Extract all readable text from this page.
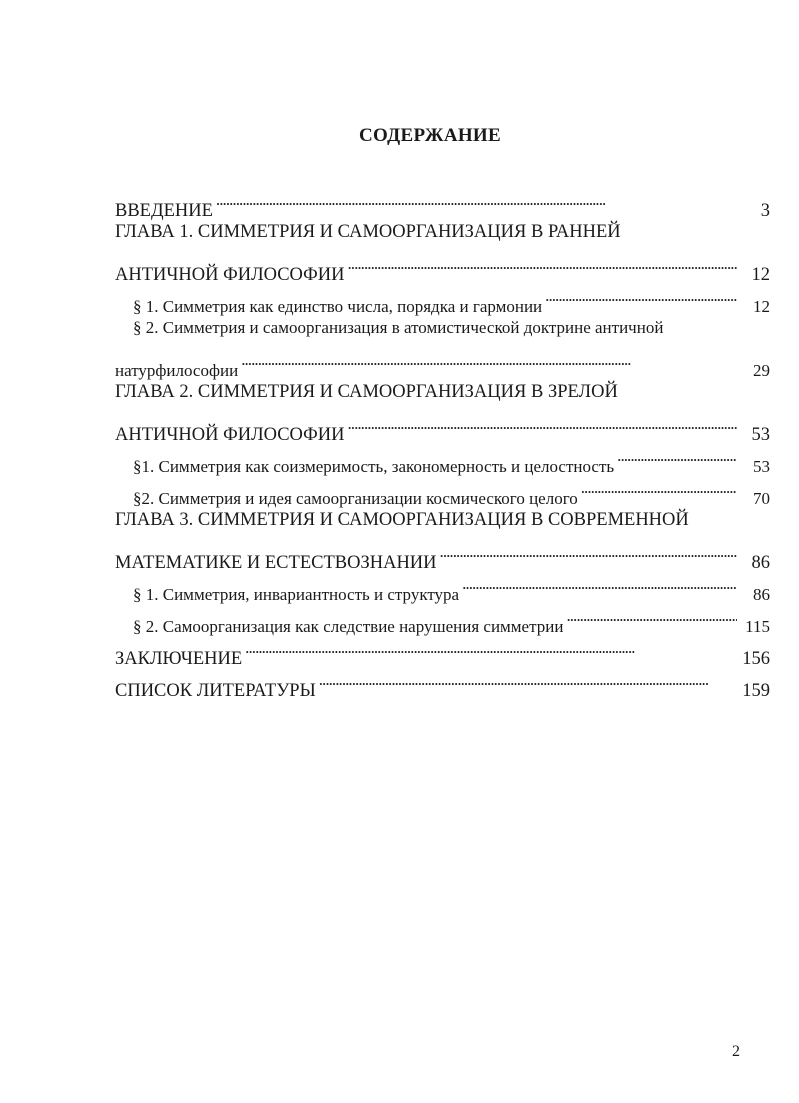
СОДЕРЖАНИЕ
ВВЕДЕНИЕ . . .	3
ГЛАВА 1. СИММЕТРИЯ И САМООРГАНИЗАЦИЯ В РАННЕЙ
АНТИЧНОЙ ФИЛОСОФИИ . . .	12
§ 1. Симметрия как единство числа, порядка и гармонии . . .	12
§ 2. Симметрия и самоорганизация в атомистической доктрине античной
натурфилософии . . .	29
ГЛАВА 2. СИММЕТРИЯ И САМООРГАНИЗАЦИЯ В ЗРЕЛОЙ
АНТИЧНОЙ ФИЛОСОФИИ . . .	53
§1. Симметрия как соизмеримость, закономерность и целостность . . .	53
§2. Симметрия и идея самоорганизации космического целого . . .	70
ГЛАВА 3. СИММЕТРИЯ И САМООРГАНИЗАЦИЯ В СОВРЕМЕННОЙ
МАТЕМАТИКЕ И ЕСТЕСТВОЗНАНИИ . . .	86
§ 1. Симметрия, инвариантность и структура . . .	86
§ 2. Самоорганизация как следствие нарушения симметрии . . .	115
ЗАКЛЮЧЕНИЕ . . .	156
СПИСОК ЛИТЕРАТУРЫ . . .	159
2
